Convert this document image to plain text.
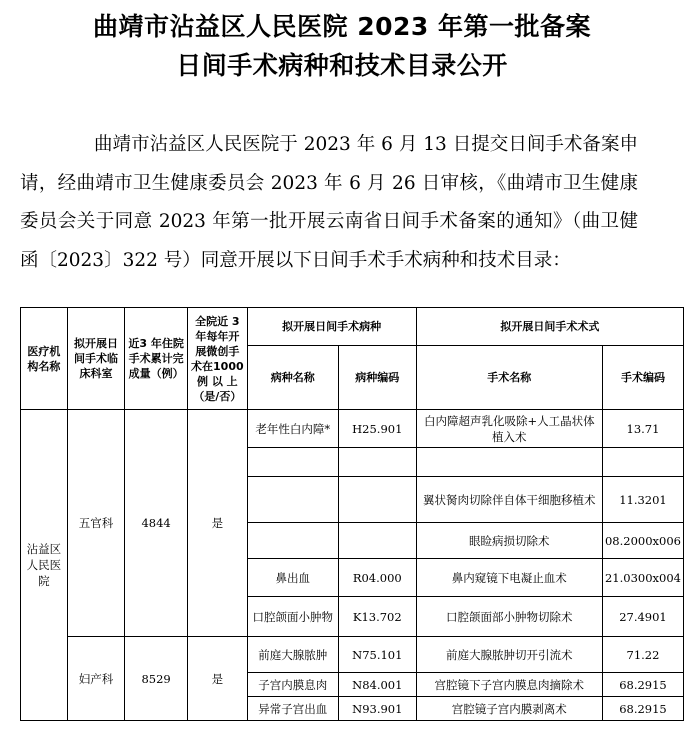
曲靖市沾益区人民医院 2023 年第一批备案
日间手术病种和技术目录公开
曲靖市沾益区人民医院于 2023 年 6 月 13 日提交日间手术备案申请，经曲靖市卫生健康委员会 2023 年 6 月 26 日审核，《曲靖市卫生健康委员会关于同意 2023 年第一批开展云南省日间手术备案的通知》（曲卫健函〔2023〕322 号）同意开展以下日间手术手术病种和技术目录：
医疗机构名称	拟开展日间手术临床科室	近3 年住院手术累计完成量（例）	全院近 3 年每年开展微创手术在1000 例 以 上（是/否）	拟开展日间手术病种		拟开展日间手术术式	
				病种名称	病种编码	手术名称	手术编码
沾益区人民医院	五官科	4844	是	老年性白内障*	H25.901	白内障超声乳化吸除+人工晶状体植入术	13.71

						翼状胬肉切除伴自体干细胞移植术	11.3201
						眼睑病损切除术	08.2000x006
				鼻出血	R04.000	鼻内窥镜下电凝止血术	21.0300x004
				口腔颌面小肿物	K13.702	口腔颌面部小肿物切除术	27.4901
	妇产科	8529	是	前庭大腺脓肿	N75.101	前庭大腺脓肿切开引流术	71.22
				子宫内膜息肉	N84.001	宫腔镜下子宫内膜息肉摘除术	68.2915
				异常子宫出血	N93.901	宫腔镜子宫内膜剥离术	68.2915
